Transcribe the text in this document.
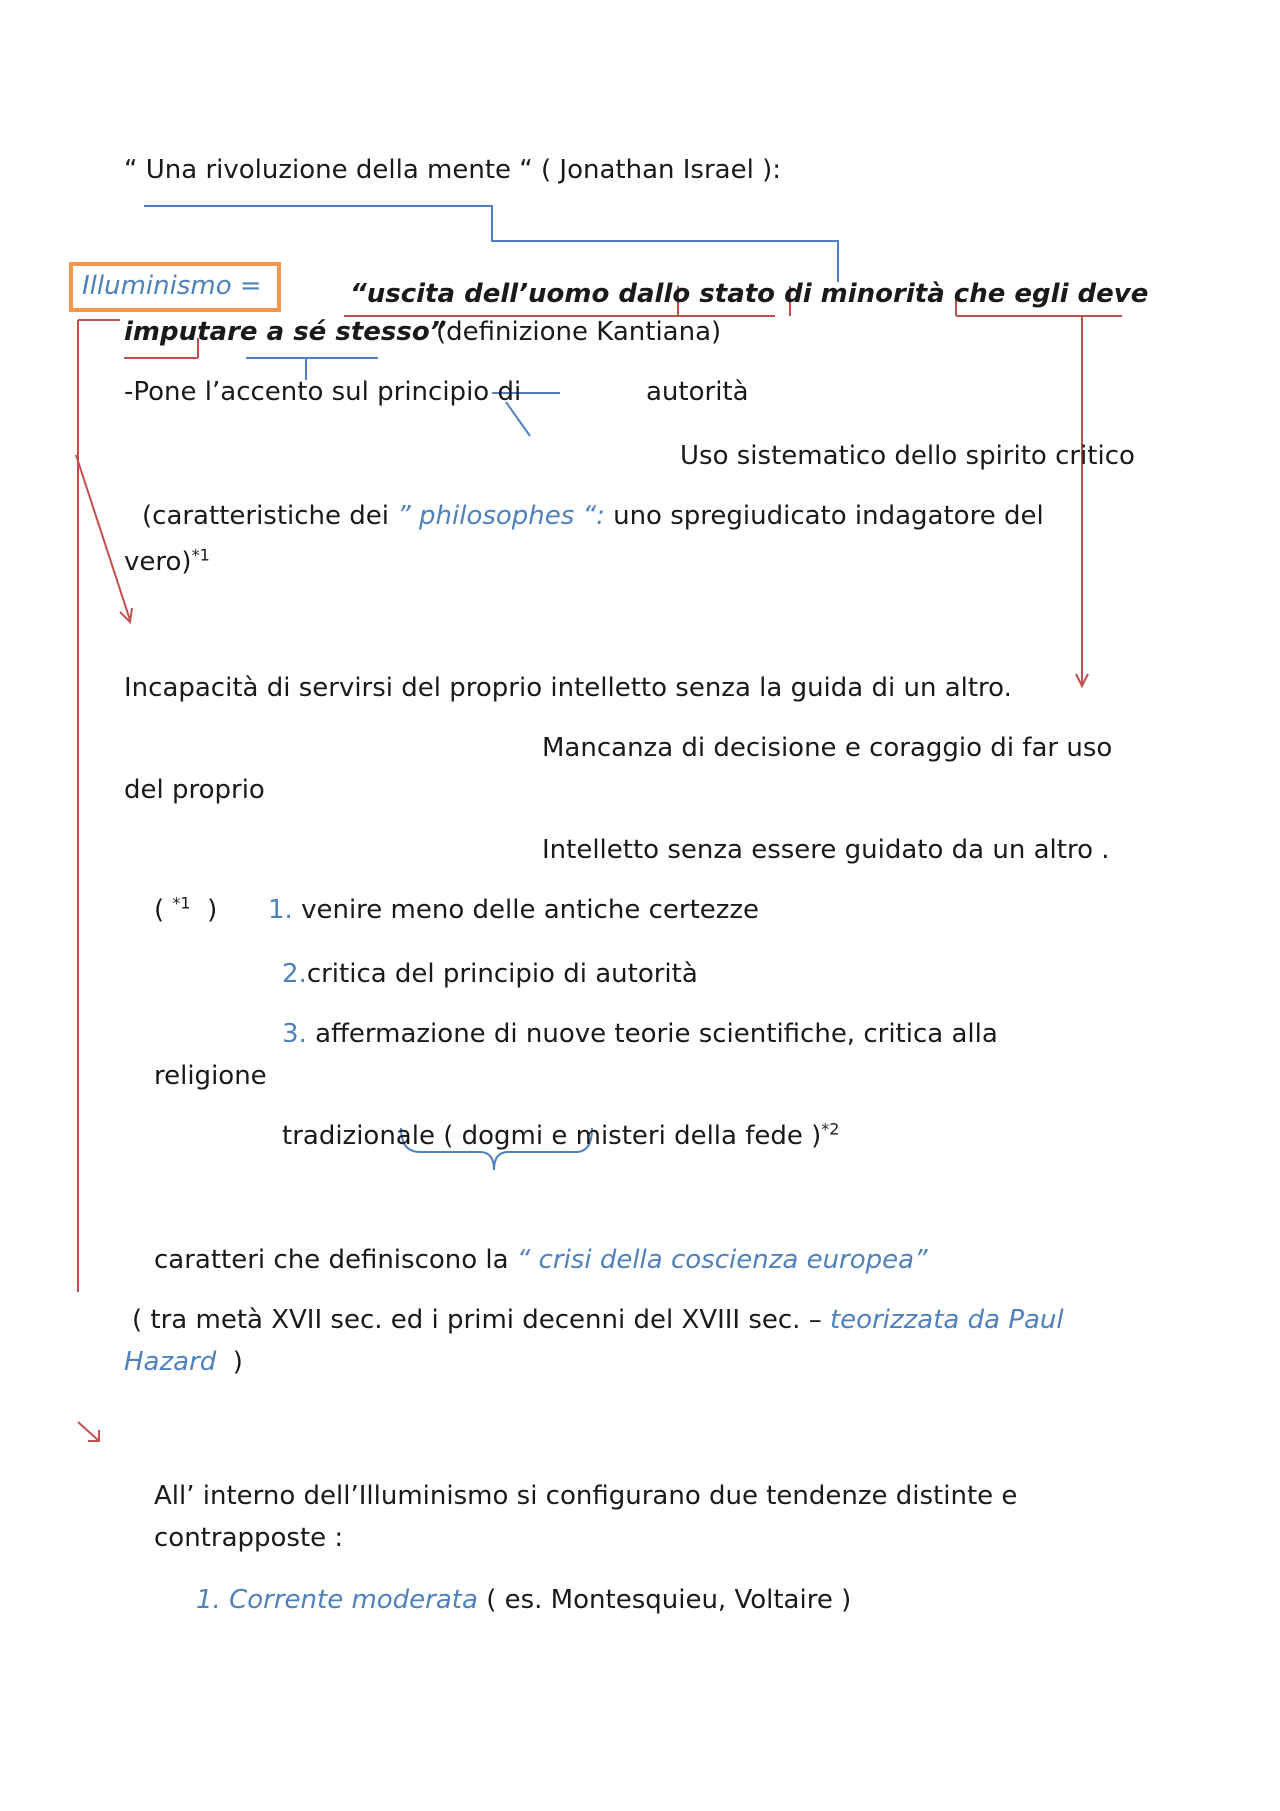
“ Una rivoluzione della mente “ ( Jonathan Israel ):
Illuminismo =	“uscita dell’uomo dallo stato di minorità che egli deve
imputare a sé stesso”
(definizione Kantiana)
-Pone l’accento sul principio di	autorità
Uso sistematico dello spirito critico
(caratteristiche dei ” philosophes “: uno spregiudicato indagatore del
vero)$^{*1}$
Incapacità di servirsi del proprio intelletto senza la guida di un altro.
Mancanza di decisione e coraggio di far uso
del proprio
Intelletto senza essere guidato da un altro .
( $^{*1}$ ) 1. venire meno delle antiche certezze
2.critica del principio di autorità
3. affermazione di nuove teorie scientifiche, critica alla
religione
tradizionale ( dogmi e misteri della fede )$^{*2}$
caratteri che definiscono la “ crisi della coscienza europea”
( tra metà XVII sec. ed i primi decenni del XVIII sec. – teorizzata da Paul
Hazard )
All’ interno dell’Illuminismo si configurano due tendenze distinte e
contrapposte :
1. Corrente moderata ( es. Montesquieu, Voltaire )
